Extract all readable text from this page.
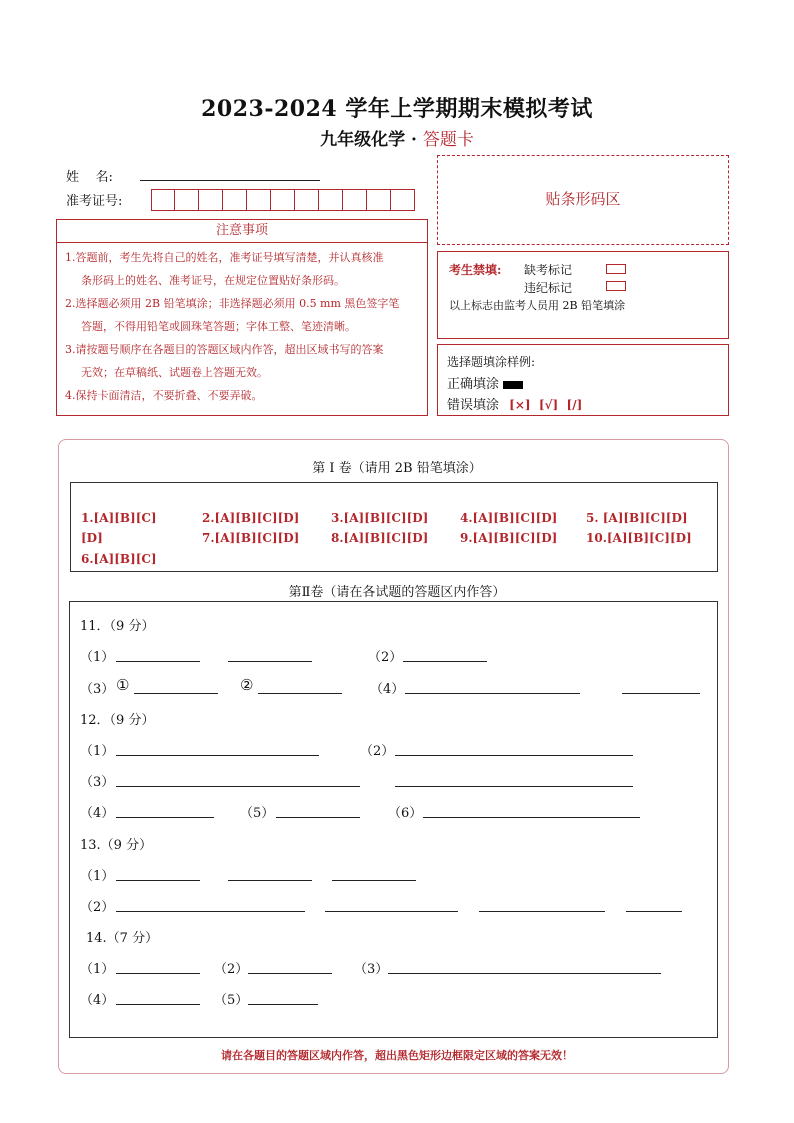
2023-2024 学年上学期期末模拟考试
九年级化学 · 答题卡
姓    名:
准考证号:	贴条形码区
注意事项

1.答题前，考生先将自己的姓名，准考证号填写清楚，并认真核准

条形码上的姓名、准考证号，在规定位置贴好条形码。

2.选择题必须用 2B 铅笔填涂；非选择题必须用 0.5 mm 黑色签字笔

答题，不得用铅笔或圆珠笔答题；字体工整、笔迹清晰。

3.请按题号顺序在各题目的答题区域内作答，超出区域书写的答案

无效；在草稿纸、试题卷上答题无效。

4.保持卡面清洁，不要折叠、不要弄破。

考生禁填: 缺考标记
违纪标记
以上标志由监考人员用 2B 铅笔填涂
选择题填涂样例:
正确填涂
错误填涂 [×]  [√]  [/]
第 I 卷（请用 2B 铅笔填涂）
1.[A][B][C]	2.[A][B][C][D]	3.[A][B][C][D]	4.[A][B][C][D] 5. [A][B][C][D]
[D]	7.[A][B][C][D]	8.[A][B][C][D]	9.[A][B][C][D] 10.[A][B][C][D]
6.[A][B][C]
第Ⅱ卷（请在各试题的答题区内作答）
11．（9 分）
（1）	（2）
（3） ①	②	（4）
12．（9 分）
（1）	（2）
（3）
（4）	（5）	（6）
13.（9 分）
（1）
（2）
14.（7 分）
（1）	（2）	（3）
（4）	（5）
请在各题目的答题区域内作答，超出黑色矩形边框限定区域的答案无效！
